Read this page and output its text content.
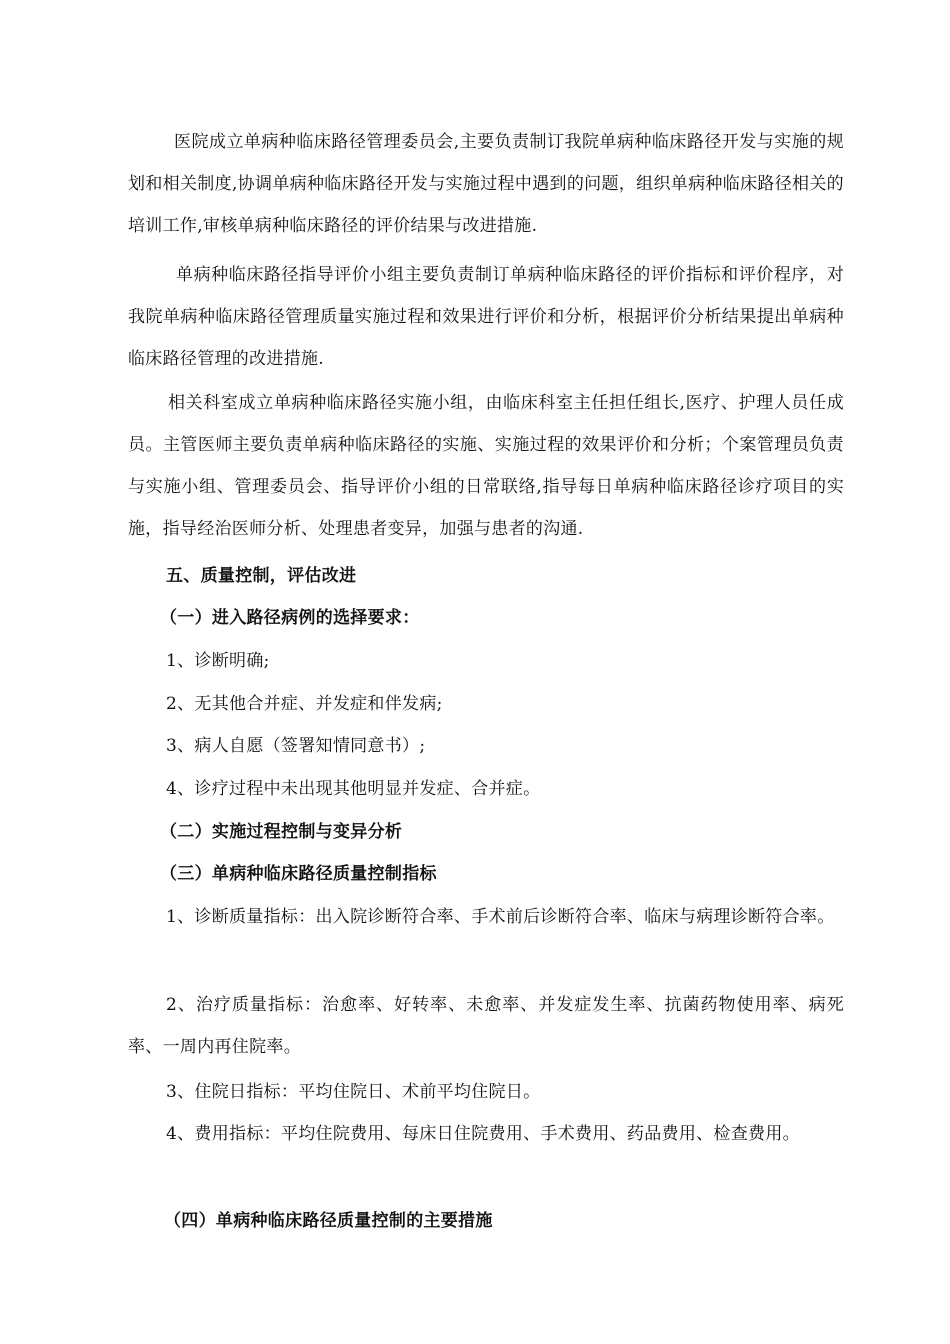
医院成立单病种临床路径管理委员会,主要负责制订我院单病种临床路径开发与实施的规划和相关制度,协调单病种临床路径开发与实施过程中遇到的问题，组织单病种临床路径相关的培训工作,审核单病种临床路径的评价结果与改进措施.

单病种临床路径指导评价小组主要负责制订单病种临床路径的评价指标和评价程序，对我院单病种临床路径管理质量实施过程和效果进行评价和分析，根据评价分析结果提出单病种临床路径管理的改进措施.

相关科室成立单病种临床路径实施小组，由临床科室主任担任组长,医疗、护理人员任成员。主管医师主要负责单病种临床路径的实施、实施过程的效果评价和分析；个案管理员负责与实施小组、管理委员会、指导评价小组的日常联络,指导每日单病种临床路径诊疗项目的实施，指导经治医师分析、处理患者变异，加强与患者的沟通.

五、质量控制，评估改进
（一）进入路径病例的选择要求：
1、诊断明确;
2、无其他合并症、并发症和伴发病;
3、病人自愿（签署知情同意书）;
4、诊疗过程中未出现其他明显并发症、合并症。
（二）实施过程控制与变异分析
（三）单病种临床路径质量控制指标

1、诊断质量指标：出入院诊断符合率、手术前后诊断符合率、临床与病理诊断符合率。

2、治疗质量指标：治愈率、好转率、未愈率、并发症发生率、抗菌药物使用率、病死率、一周内再住院率。

3、住院日指标：平均住院日、术前平均住院日。

4、费用指标：平均住院费用、每床日住院费用、手术费用、药品费用、检查费用。

（四）单病种临床路径质量控制的主要措施
